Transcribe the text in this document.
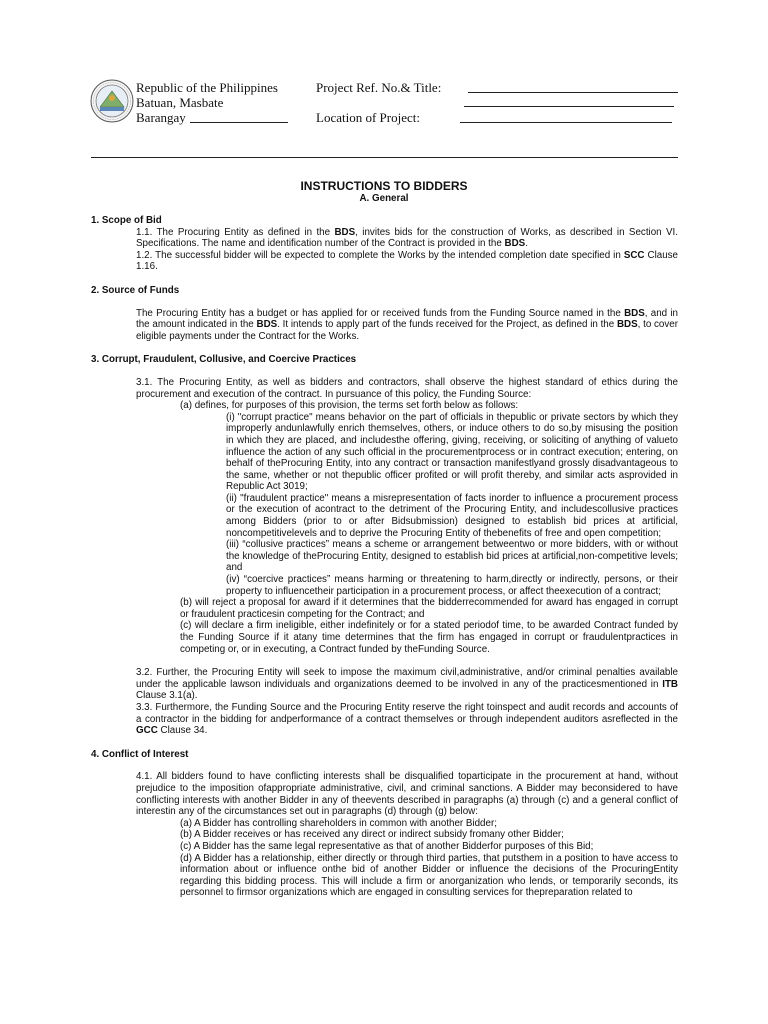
Republic of the Philippines
Batuan, Masbate
Barangay
Project Ref. No.& Title:
Location of Project:
INSTRUCTIONS TO BIDDERS
A. General

1. Scope of Bid

1.1. The Procuring Entity as defined in the BDS, invites bids for the construction of Works, as described in Section VI. Specifications. The name and identification number of the Contract is provided in the BDS.

1.2. The successful bidder will be expected to complete the Works by the intended completion date specified in SCC Clause 1.16.

2. Source of Funds

The Procuring Entity has a budget or has applied for or received funds from the Funding Source named in the BDS, and in the amount indicated in the BDS. It intends to apply part of the funds received for the Project, as defined in the BDS, to cover eligible payments under the Contract for the Works.

3. Corrupt, Fraudulent, Collusive, and Coercive Practices

3.1. The Procuring Entity, as well as bidders and contractors, shall observe the highest standard of ethics during the procurement and execution of the contract. In pursuance of this policy, the Funding Source:

(a) defines, for purposes of this provision, the terms set forth below as follows:

(i) "corrupt practice" means behavior on the part of officials in thepublic or private sectors by which they improperly andunlawfully enrich themselves, others, or induce others to do so,by misusing the position in which they are placed, and includesthe offering, giving, receiving, or soliciting of anything of valueto influence the action of any such official in the procurementprocess or in contract execution; entering, on behalf of theProcuring Entity, into any contract or transaction manifestlyand grossly disadvantageous to the same, whether or not thepublic officer profited or will profit thereby, and similar acts asprovided in Republic Act 3019;

(ii) "fraudulent practice" means a misrepresentation of facts inorder to influence a procurement process or the execution of acontract to the detriment of the Procuring Entity, and includescollusive practices among Bidders (prior to or after Bidsubmission) designed to establish bid prices at artificial, noncompetitivelevels and to deprive the Procuring Entity of thebenefits of free and open competition;

(iii) “collusive practices” means a scheme or arrangement betweentwo or more bidders, with or without the knowledge of theProcuring Entity, designed to establish bid prices at artificial,non-competitive levels; and

(iv) “coercive practices” means harming or threatening to harm,directly or indirectly, persons, or their property to influencetheir participation in a procurement process, or affect theexecution of a contract;

(b) will reject a proposal for award if it determines that the bidderrecommended for award has engaged in corrupt or fraudulent practicesin competing for the Contract; and

(c) will declare a firm ineligible, either indefinitely or for a stated periodof time, to be awarded Contract funded by the Funding Source if it atany time determines that the firm has engaged in corrupt or fraudulentpractices in competing or, or in executing, a Contract funded by theFunding Source.

3.2. Further, the Procuring Entity will seek to impose the maximum civil,administrative, and/or criminal penalties available under the applicable lawson individuals and organizations deemed to be involved in any of the practicesmentioned in ITB Clause 3.1(a).

3.3. Furthermore, the Funding Source and the Procuring Entity reserve the right toinspect and audit records and accounts of a contractor in the bidding for andperformance of a contract themselves or through independent auditors asreflected in the GCC Clause 34.

4. Conflict of Interest

4.1. All bidders found to have conflicting interests shall be disqualified toparticipate in the procurement at hand, without prejudice to the imposition ofappropriate administrative, civil, and criminal sanctions. A Bidder may beconsidered to have conflicting interests with another Bidder in any of theevents described in paragraphs (a) through (c) and a general conflict of interestin any of the circumstances set out in paragraphs (d) through (g) below:

(a) A Bidder has controlling shareholders in common with another Bidder;

(b) A Bidder receives or has received any direct or indirect subsidy fromany other Bidder;

(c) A Bidder has the same legal representative as that of another Bidderfor purposes of this Bid;

(d) A Bidder has a relationship, either directly or through third parties, that putsthem in a position to have access to information about or influence onthe bid of another Bidder or influence the decisions of the ProcuringEntity regarding this bidding process. This will include a firm or anorganization who lends, or temporarily seconds, its personnel to firmsor organizations which are engaged in consulting services for thepreparation related to
